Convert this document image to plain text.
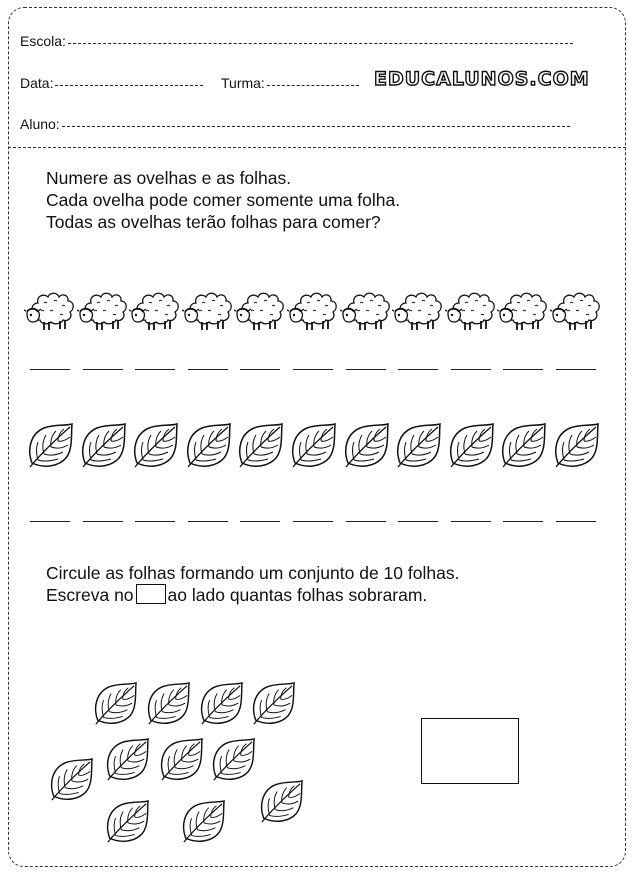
Escola:
Data:	Turma:	EDUCALUNOS.COM
Aluno:
Numere as ovelhas e as folhas.
Cada ovelha pode comer somente uma folha.
Todas as ovelhas terão folhas para comer?
Circule as folhas formando um conjunto de 10 folhas.
Escreva no ao lado quantas folhas sobraram.
